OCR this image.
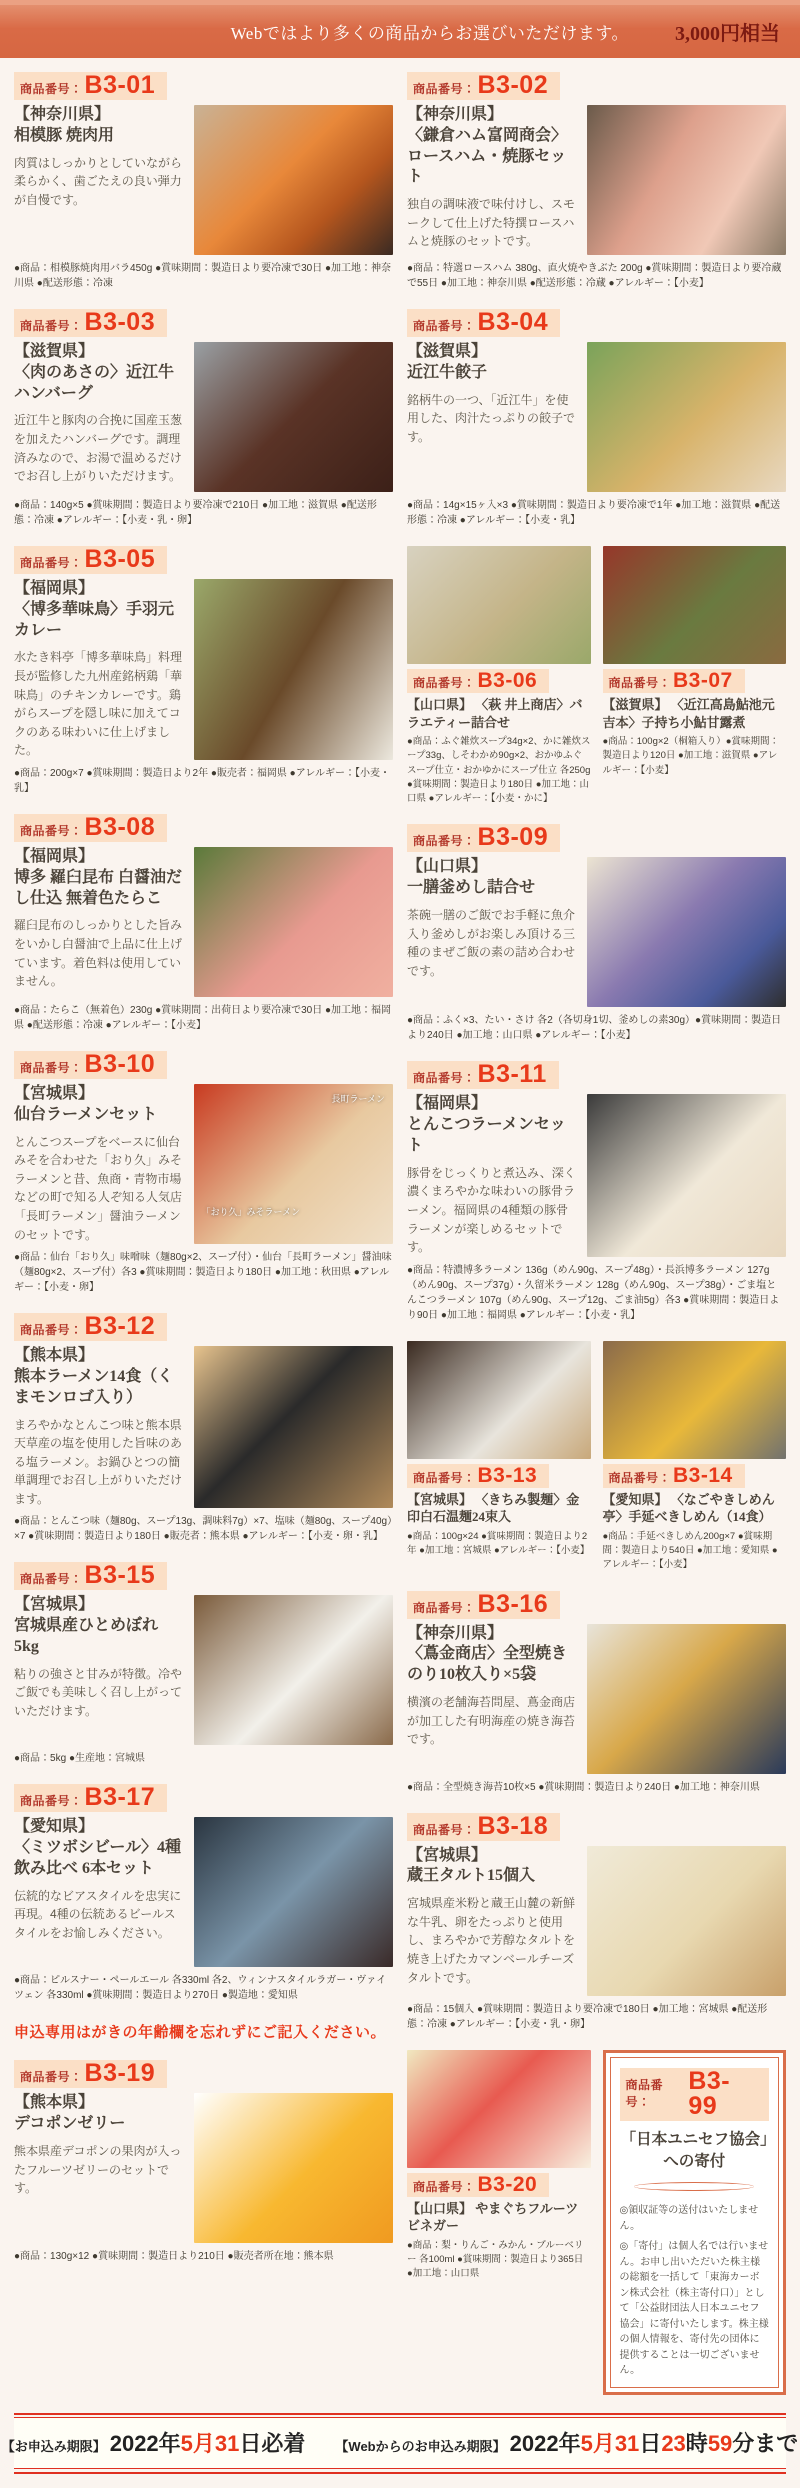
Webではより多くの商品からお選びいただけます。 3,000円相当
商品番号： B3-01
【神奈川県】
相模豚 焼肉用
肉質はしっかりとしていながら柔らかく、歯ごたえの良い弾力が自慢です。
●商品：相模豚焼肉用バラ450g ●賞味期間：製造日より要冷凍で30日 ●加工地：神奈川県 ●配送形態：冷凍
商品番号： B3-03
【滋賀県】
〈肉のあさの〉近江牛ハンバーグ
近江牛と豚肉の合挽に国産玉葱を加えたハンバーグです。調理済みなので、お湯で温めるだけでお召し上がりいただけます。
●商品：140g×5 ●賞味期間：製造日より要冷凍で210日 ●加工地：滋賀県 ●配送形態：冷凍 ●アレルギー：【小麦・乳・卵】
商品番号： B3-05
【福岡県】
〈博多華味鳥〉手羽元カレー
水たき料亭「博多華味鳥」料理長が監修した九州産銘柄鶏「華味鳥」のチキンカレーです。鶏がらスープを隠し味に加えてコクのある味わいに仕上げました。
●商品：200g×7 ●賞味期間：製造日より2年 ●販売者：福岡県 ●アレルギー：【小麦・乳】
商品番号： B3-08
【福岡県】
博多 羅臼昆布 白醤油だし仕込 無着色たらこ
羅臼昆布のしっかりとした旨みをいかし白醤油で上品に仕上げています。着色料は使用していません。
●商品：たらこ（無着色）230g ●賞味期間：出荷日より要冷凍で30日 ●加工地：福岡県 ●配送形態：冷凍 ●アレルギー：【小麦】
商品番号： B3-10
【宮城県】
仙台ラーメンセット
とんこつスープをベースに仙台みそを合わせた「おり久」みそラーメンと昔、魚商・青物市場などの町で知る人ぞ知る人気店「長町ラーメン」醤油ラーメンのセットです。
長町ラーメン
「おり久」みそラーメン
●商品：仙台「おり久」味噌味（麺80g×2、スープ付）・仙台「長町ラーメン」醤油味（麺80g×2、スープ付）各3 ●賞味期間：製造日より180日 ●加工地：秋田県 ●アレルギー：【小麦・卵】
商品番号： B3-12
【熊本県】
熊本ラーメン14食（くまモンロゴ入り）
まろやかなとんこつ味と熊本県天草産の塩を使用した旨味のある塩ラーメン。お鍋ひとつの簡単調理でお召し上がりいただけます。
●商品：とんこつ味（麺80g、スープ13g、調味料7g）×7、塩味（麺80g、スープ40g）×7 ●賞味期間：製造日より180日 ●販売者：熊本県 ●アレルギー：【小麦・卵・乳】
商品番号： B3-15
【宮城県】
宮城県産ひとめぼれ 5kg
粘りの強さと甘みが特徴。冷やご飯でも美味しく召し上がっていただけます。
●商品：5kg ●生産地：宮城県
商品番号： B3-17
【愛知県】
〈ミツボシビール〉4種飲み比べ 6本セット
伝統的なビアスタイルを忠実に再現。4種の伝統あるビールスタイルをお愉しみください。
●商品：ピルスナー・ペールエール 各330ml 各2、ウィンナスタイルラガー・ヴァイツェン 各330ml ●賞味期間：製造日より270日 ●製造地：愛知県
申込専用はがきの年齢欄を忘れずにご記入ください。
商品番号： B3-19
【熊本県】
デコポンゼリー
熊本県産デコポンの果肉が入ったフルーツゼリーのセットです。
●商品：130g×12 ●賞味期間：製造日より210日 ●販売者所在地：熊本県
商品番号： B3-02
【神奈川県】
〈鎌倉ハム富岡商会〉ロースハム・焼豚セット
独自の調味液で味付けし、スモークして仕上げた特撰ロースハムと焼豚のセットです。
●商品：特選ロースハム 380g、直火焼やきぶた 200g ●賞味期間：製造日より要冷蔵で55日 ●加工地：神奈川県 ●配送形態：冷蔵 ●アレルギー：【小麦】
商品番号： B3-04
【滋賀県】
近江牛餃子
銘柄牛の一つ、「近江牛」を使用した、肉汁たっぷりの餃子です。
●商品：14g×15ヶ入×3 ●賞味期間：製造日より要冷凍で1年 ●加工地：滋賀県 ●配送形態：冷凍 ●アレルギー：【小麦・乳】
商品番号： B3-06
【山口県】 〈萩 井上商店〉バラエティー詰合せ
●商品：ふぐ雑炊スープ34g×2、かに雑炊スープ33g、しそわかめ90g×2、おかゆふぐスープ仕立・おかゆかにスープ仕立 各250g ●賞味期間：製造日より180日 ●加工地：山口県 ●アレルギー：【小麦・かに】
商品番号： B3-07
【滋賀県】 〈近江高島鮎池元吉本〉子持ち小鮎甘露煮
●商品：100g×2（桐箱入り）●賞味期間：製造日より120日 ●加工地：滋賀県 ●アレルギー：【小麦】
商品番号： B3-09
【山口県】
一膳釜めし詰合せ
茶碗一膳のご飯でお手軽に魚介入り釜めしがお楽しみ頂ける三種のまぜご飯の素の詰め合わせです。
●商品：ふく×3、たい・さけ 各2（各切身1切、釜めしの素30g）●賞味期間：製造日より240日 ●加工地：山口県 ●アレルギー：【小麦】
商品番号： B3-11
【福岡県】
とんこつラーメンセット
豚骨をじっくりと煮込み、深く濃くまろやかな味わいの豚骨ラーメン。福岡県の4種類の豚骨ラーメンが楽しめるセットです。
●商品：特濃博多ラーメン 136g（めん90g、スープ48g）・長浜博多ラーメン 127g（めん90g、スープ37g）・久留米ラーメン 128g（めん90g、スープ38g）・ごま塩とんこつラーメン 107g（めん90g、スープ12g、ごま油5g）各3 ●賞味期間：製造日より90日 ●加工地：福岡県 ●アレルギー：【小麦・乳】
商品番号： B3-13
【宮城県】 〈きちみ製麺〉金印白石温麺24束入
●商品：100g×24 ●賞味期間：製造日より2年 ●加工地：宮城県 ●アレルギー：【小麦】
商品番号： B3-14
【愛知県】 〈なごやきしめん亭〉手延べきしめん（14食）
●商品：手延べきしめん200g×7 ●賞味期間：製造日より540日 ●加工地：愛知県 ●アレルギー：【小麦】
商品番号： B3-16
【神奈川県】
〈蔦金商店〉全型焼きのり10枚入り×5袋
横濱の老舗海苔問屋、蔦金商店が加工した有明海産の焼き海苔です。
●商品：全型焼き海苔10枚×5 ●賞味期間：製造日より240日 ●加工地：神奈川県
商品番号： B3-18
【宮城県】
蔵王タルト15個入
宮城県産米粉と蔵王山麓の新鮮な牛乳、卵をたっぷりと使用し、まろやかで芳醇なタルトを焼き上げたカマンベールチーズタルトです。
●商品：15個入 ●賞味期間：製造日より要冷凍で180日 ●加工地：宮城県 ●配送形態：冷凍 ●アレルギー：【小麦・乳・卵】
商品番号： B3-20
【山口県】 やまぐちフルーツビネガー
●商品：梨・りんご・みかん・ブルーベリー 各100ml ●賞味期間：製造日より365日 ●加工地：山口県
商品番号：
B3-99
「日本ユニセフ協会」への寄付

◎領収証等の送付はいたしません。

◎「寄付」は個人名では行いません。お申し出いただいた株主様の総額を一括して「東海カーボン株式会社（株主寄付口）」として「公益財団法人日本ユニセフ協会」に寄付いたします。株主様の個人情報を、寄付先の団体に提供することは一切ございません。

【お申込み期限】 2022年5月31日必着 【Webからのお申込み期限】 2022年5月31日23時59分まで
